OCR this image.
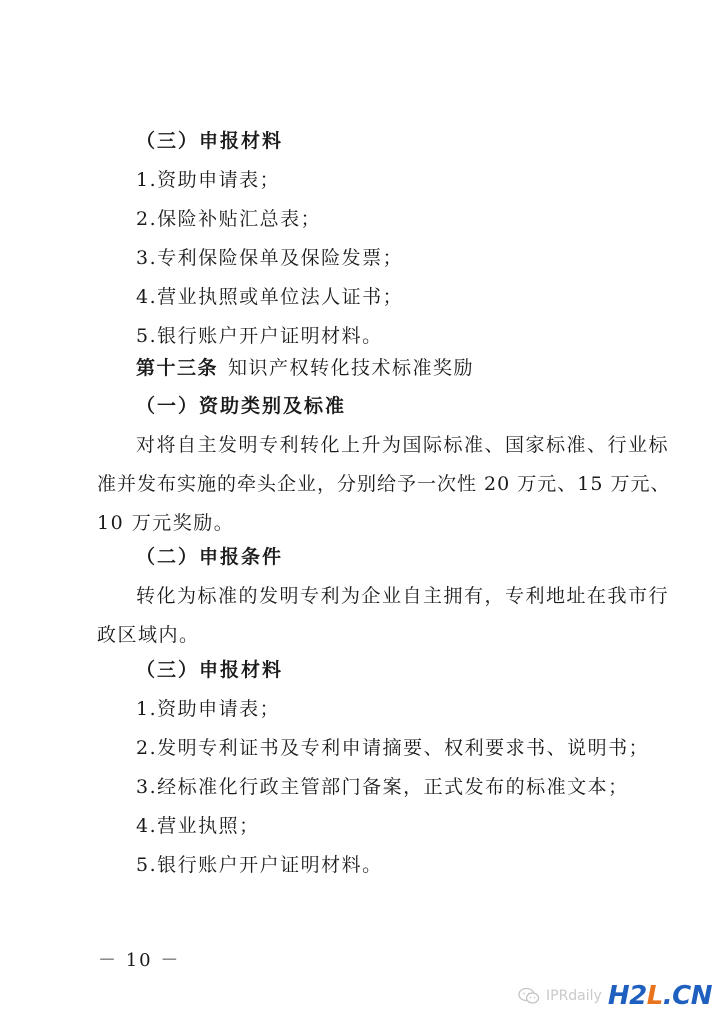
（三）申报材料
1.资助申请表；
2.保险补贴汇总表；
3.专利保险保单及保险发票；
4.营业执照或单位法人证书；
5.银行账户开户证明材料。
第十三条 知识产权转化技术标准奖励
（一）资助类别及标准
对将自主发明专利转化上升为国际标准、国家标准、行业标
准并发布实施的牵头企业，分别给予一次性 20 万元、15 万元、
10 万元奖励。
（二）申报条件
转化为标准的发明专利为企业自主拥有，专利地址在我市行
政区域内。
（三）申报材料
1.资助申请表；
2.发明专利证书及专利申请摘要、权利要求书、说明书；
3.经标准化行政主管部门备案，正式发布的标准文本；
4.营业执照；
5.银行账户开户证明材料。
－ 10 －
IPRdaily H2L.CN
